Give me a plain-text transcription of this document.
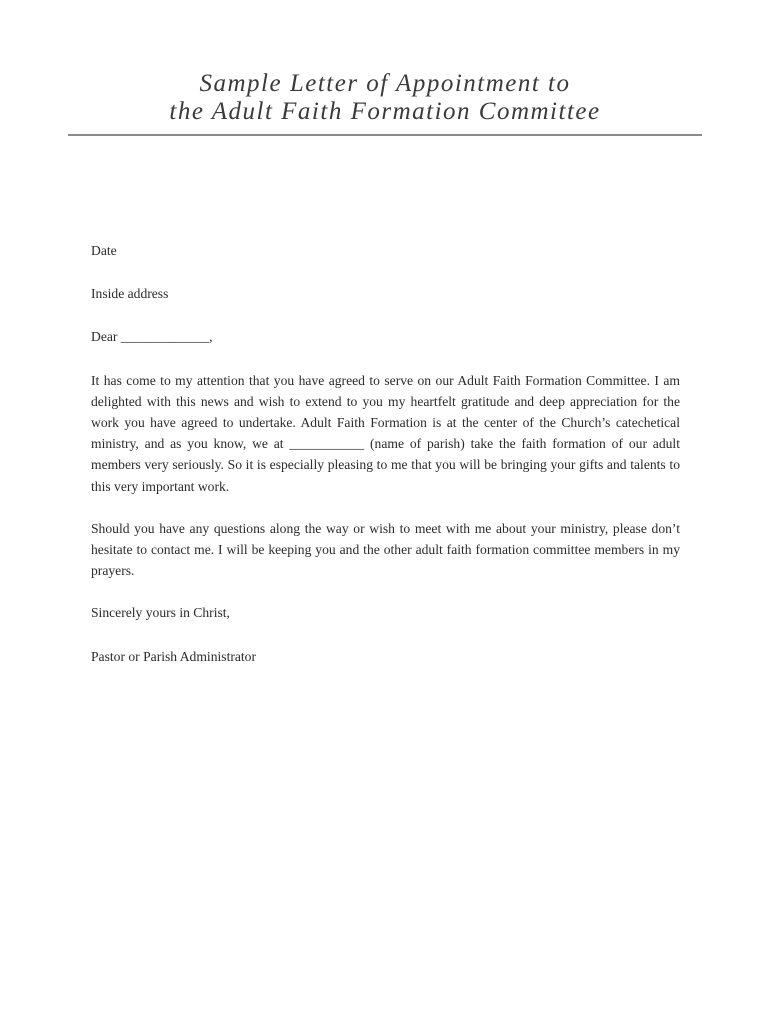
Sample Letter of Appointment to
the Adult Faith Formation Committee

Date

Inside address

Dear _____________,

It has come to my attention that you have agreed to serve on our Adult Faith Formation Committee. I am delighted with this news and wish to extend to you my heartfelt gratitude and deep appreciation for the work you have agreed to undertake. Adult Faith Formation is at the center of the Church’s catechetical ministry, and as you know, we at ___________ (name of parish) take the faith formation of our adult members very seriously. So it is especially pleasing to me that you will be bringing your gifts and talents to this very important work.

Should you have any questions along the way or wish to meet with me about your ministry, please don’t hesitate to contact me. I will be keeping you and the other adult faith formation committee members in my prayers.

Sincerely yours in Christ,

Pastor or Parish Administrator
